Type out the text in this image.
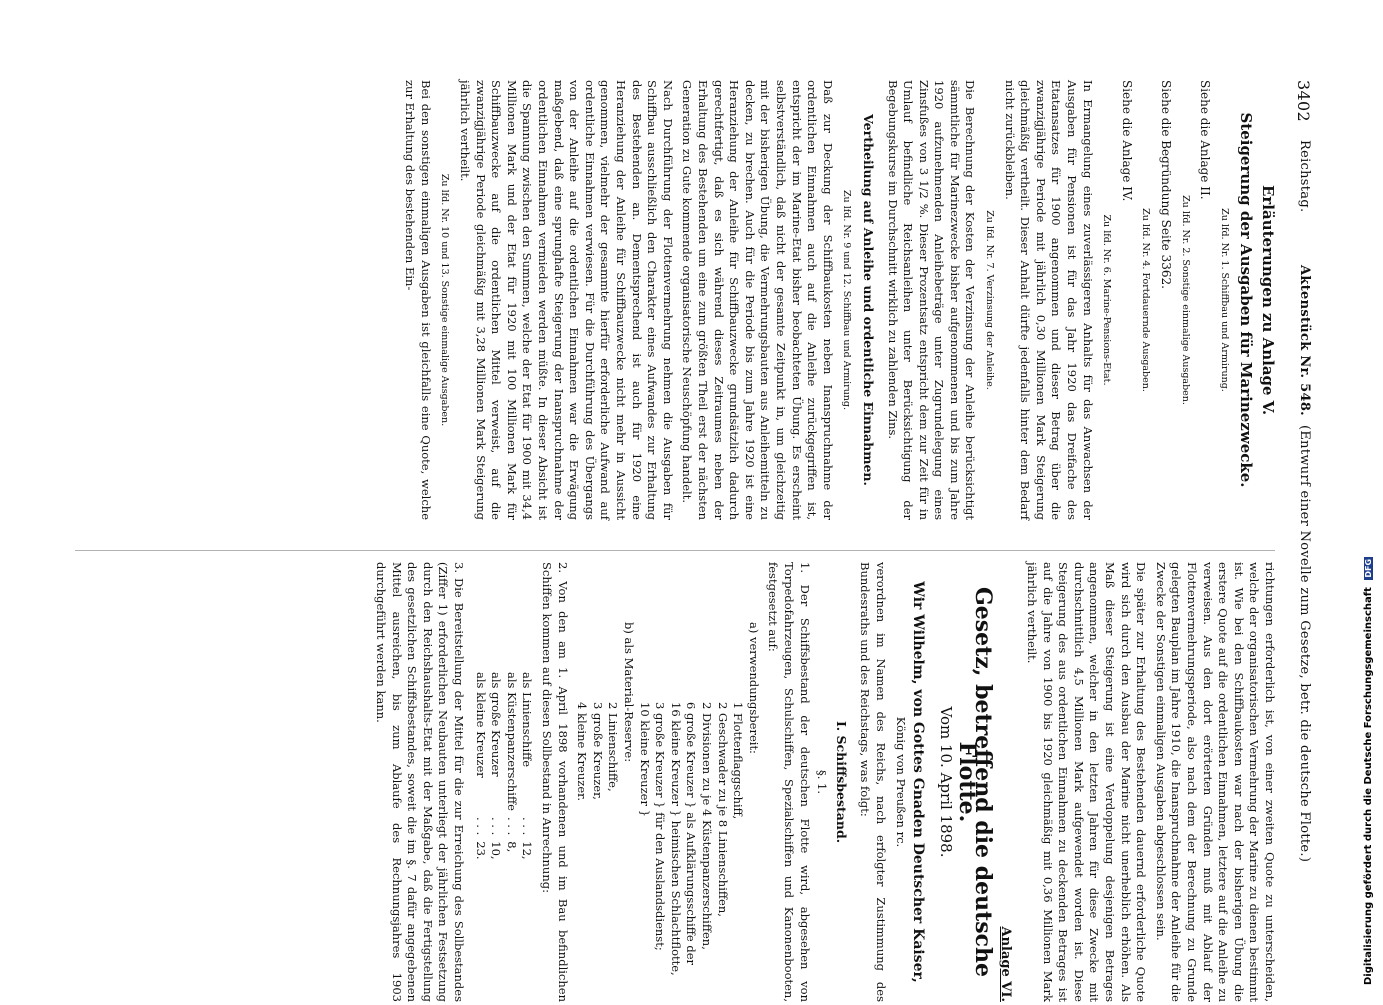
3402
Reichstag.
Aktenstück Nr. 548.
(Entwurf einer Novelle zum Gesetze, betr. die deutsche Flotte.)
Erläuterungen zu Anlage V.
Steigerung der Ausgaben für Marinezwecke.
Zu lfd. Nr. 1. Schiffbau und Armirung.
Siehe die Anlage II.
Zu lfd. Nr. 2. Sonstige einmalige Ausgaben.
Siehe die Begründung Seite 3362.
Zu lfd. Nr. 4. Fortdauernde Ausgaben.
Siehe die Anlage IV.
Zu lfd. Nr. 6. Marine-Pensions-Etat.

In Ermangelung eines zuverlässigeren Anhalts für das Anwachsen der Ausgaben für Pensionen ist für das Jahr 1920 das Dreifache des Etatansatzes für 1900 angenommen und dieser Betrag über die zwanzigjährige Periode mit jährlich 0,30 Millionen Mark Steigerung gleichmäßig vertheilt. Dieser Anhalt dürfte jedenfalls hinter dem Bedarf nicht zurückbleiben.

Zu lfd. Nr. 7. Verzinsung der Anleihe.

Die Berechnung der Kosten der Verzinsung der Anleihe berücksichtigt sämmtliche für Marinezwecke bisher aufgenommenen und bis zum Jahre 1920 aufzunehmenden Anleihebeträge unter Zugrundelegung eines Zinsfußes von 3 1/2 %. Dieser Prozentsatz entspricht dem zur Zeit für in Umlauf befindliche Reichsanleihen unter Berücksichtigung der Begebungskurse im Durchschnitt wirklich zu zahlenden Zins.

Vertheilung auf Anleihe und ordentliche Einnahmen.
Zu lfd. Nr. 9 und 12. Schiffbau und Armirung.

Daß zur Deckung der Schiffbaukosten neben Inanspruchnahme der ordentlichen Einnahmen auch auf die Anleihe zurückgegriffen ist, entspricht der im Marine-Etat bisher beobachteten Übung. Es erscheint selbstverständlich, daß nicht der gesamte Zeitpunkt in, um gleichzeitig mit der bisherigen Übung, die Vermehrungsbauten aus Anleihemitteln zu decken, zu brechen. Auch für die Periode bis zum Jahre 1920 ist eine Heranziehung der Anleihe für Schiffbauzwecke grundsätzlich dadurch gerechtfertigt, daß es sich während dieses Zeitraumes neben der Erhaltung des Bestehenden um eine zum größten Theil erst der nächsten Generation zu Gute kommende organisatorische Neuschöpfung handelt.

Nach Durchführung der Flottenvermehrung nehmen die Ausgaben für Schiffbau ausschließlich den Charakter eines Aufwandes zur Erhaltung des Bestehenden an. Dementsprechend ist auch für 1920 eine Heranziehung der Anleihe für Schiffbauzwecke nicht mehr in Aussicht genommen, vielmehr der gesammte hierfür erforderliche Aufwand auf ordentliche Einnahmen verwiesen. Für die Durchführung des Übergangs von der Anleihe auf die ordentlichen Einnahmen war die Erwägung maßgebend, daß eine sprunghafte Steigerung der Inanspruchnahme der ordentlichen Einnahmen vermieden werden müßte. In dieser Absicht ist die Spannung zwischen den Summen, welche der Etat für 1900 mit 34,4 Millionen Mark und der Etat für 1920 mit 100 Millionen Mark für Schiffbauzwecke auf die ordentlichen Mittel verweist, auf die zwanzigjährige Periode gleichmäßig mit 3,28 Millionen Mark Steigerung jährlich vertheilt.

Zu lfd. Nr. 10 und 13. Sonstige einmalige Ausgaben.

Bei den sonstigen einmaligen Ausgaben ist gleichfalls eine Quote, welche zur Erhaltung des bestehenden Ein-

richtungen erforderlich ist, von einer zweiten Quote zu unterscheiden, welche der organisatorischen Vermehrung der Marine zu dienen bestimmt ist. Wie bei den Schiffbaukosten war nach der bisherigen Übung die erstere Quote auf die ordentlichen Einnahmen, letztere auf die Anleihe zu verweisen. Aus den dort erörterten Gründen muß mit Ablauf der Flottenvermehrungsperiode, also nach dem der Berechnung zu Grunde gelegten Bauplan im Jahre 1910, die Inanspruchnahme der Anleihe für die Zwecke der Sonstigen einmaligen Ausgaben abgeschlossen sein.

Die später zur Erhaltung des Bestehenden dauernd erforderliche Quote wird sich durch den Ausbau der Marine nicht unerheblich erhöhen. Als Maß dieser Steigerung ist eine Verdoppelung desjenigen Betrages angenommen, welcher in den letzten Jahren für diese Zwecke mit durchschnittlich 4,5 Millionen Mark aufgewendet worden ist. Diese Steigerung des aus ordentlichen Einnahmen zu deckenden Betrages ist auf die Jahre von 1900 bis 1920 gleichmäßig mit 0,36 Millionen Mark jährlich vertheilt.

Anlage VI.
Gesetz, betreffend die deutsche Flotte.
Vom 10. April 1898.
Wir Wilhelm, von Gottes Gnaden Deutscher Kaiser,
König von Preußen rc.

verordnen im Namen des Reichs, nach erfolgter Zustimmung des Bundesraths und des Reichstags, was folgt:

I. Schiffsbestand.
§. 1.

1. Der Schiffsbestand der deutschen Flotte wird, abgesehen von Torpedofahrzeugen, Schulschiffen, Spezialschiffen und Kanonenbooten, festgesetzt auf:

a) verwendungsbereit:
1 Flottenflaggschiff,
2 Geschwader zu je 8 Linienschiffen,
2 Divisionen zu je 4 Küstenpanzerschiffen,
6 große Kreuzer } als Aufklärungsschiffe der
16 kleine Kreuzer } heimischen Schlachtflotte,
3 große Kreuzer } für den Auslandsdienst;
10 kleine Kreuzer }
b) als Material-Reserve:
2 Linienschiffe,
3 große Kreuzer,
4 kleine Kreuzer.

2. Von den am 1. April 1898 vorhandenen und im Bau befindlichen Schiffen kommen auf diesen Sollbestand in Anrechnung:

als Linienschiffe	. . .	12,
als Küstenpanzerschiffe	. . .	8,
als große Kreuzer	. . .	10,
als kleine Kreuzer	. . .	23.

3. Die Bereitstellung der Mittel für die zur Erreichung des Sollbestandes (Ziffer 1) erforderlichen Neubauten unterliegt der jährlichen Festsetzung durch den Reichshaushalts-Etat mit der Maßgabe, daß die Fertigstellung des gesetzlichen Schiffsbestandes, soweit die im §. 7 dafür angegebenen Mittel ausreichen, bis zum Ablaufe des Rechnungsjahres 1903 durchgeführt werden kann.	Digitalisierung gefördert durch die Deutsche Forschungsgemeinschaft DFG
